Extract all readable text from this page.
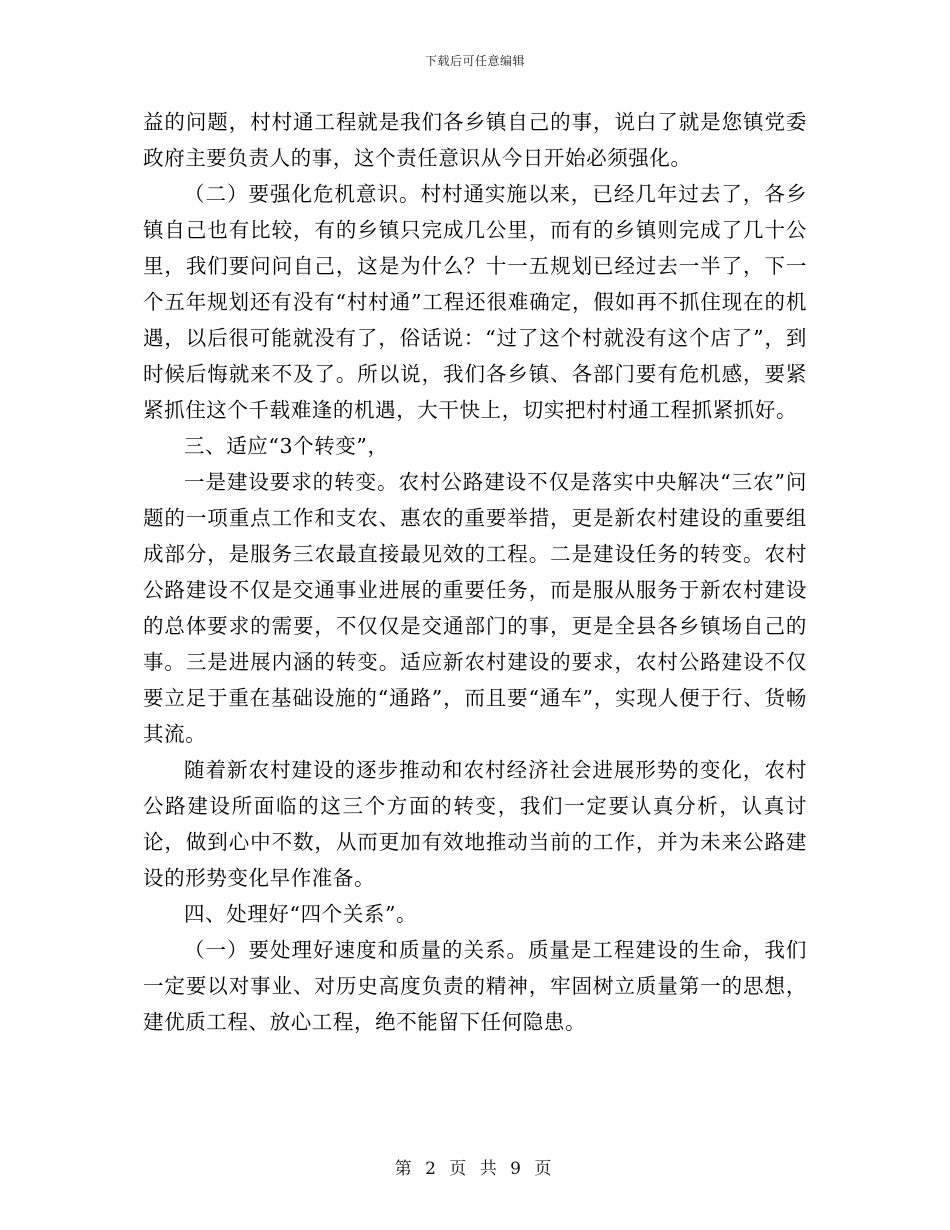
下载后可任意编辑

益的问题，村村通工程就是我们各乡镇自己的事，说白了就是您镇党委政府主要负责人的事，这个责任意识从今日开始必须强化。

（二）要强化危机意识。村村通实施以来，已经几年过去了，各乡镇自己也有比较，有的乡镇只完成几公里，而有的乡镇则完成了几十公里，我们要问问自己，这是为什么？十一五规划已经过去一半了，下一个五年规划还有没有“村村通”工程还很难确定，假如再不抓住现在的机遇，以后很可能就没有了，俗话说：“过了这个村就没有这个店了”，到时候后悔就来不及了。所以说，我们各乡镇、各部门要有危机感，要紧紧抓住这个千载难逢的机遇，大干快上，切实把村村通工程抓紧抓好。

三、适应“3个转变”，

一是建设要求的转变。农村公路建设不仅是落实中央解决“三农”问题的一项重点工作和支农、惠农的重要举措，更是新农村建设的重要组成部分，是服务三农最直接最见效的工程。二是建设任务的转变。农村公路建设不仅是交通事业进展的重要任务，而是服从服务于新农村建设的总体要求的需要，不仅仅是交通部门的事，更是全县各乡镇场自己的事。三是进展内涵的转变。适应新农村建设的要求，农村公路建设不仅要立足于重在基础设施的“通路”，而且要“通车”，实现人便于行、货畅其流。

随着新农村建设的逐步推动和农村经济社会进展形势的变化，农村公路建设所面临的这三个方面的转变，我们一定要认真分析，认真讨论，做到心中不数，从而更加有效地推动当前的工作，并为未来公路建设的形势变化早作准备。

四、处理好“四个关系”。

（一）要处理好速度和质量的关系。质量是工程建设的生命，我们一定要以对事业、对历史高度负责的精神，牢固树立质量第一的思想，建优质工程、放心工程，绝不能留下任何隐患。

第 2 页 共 9 页
